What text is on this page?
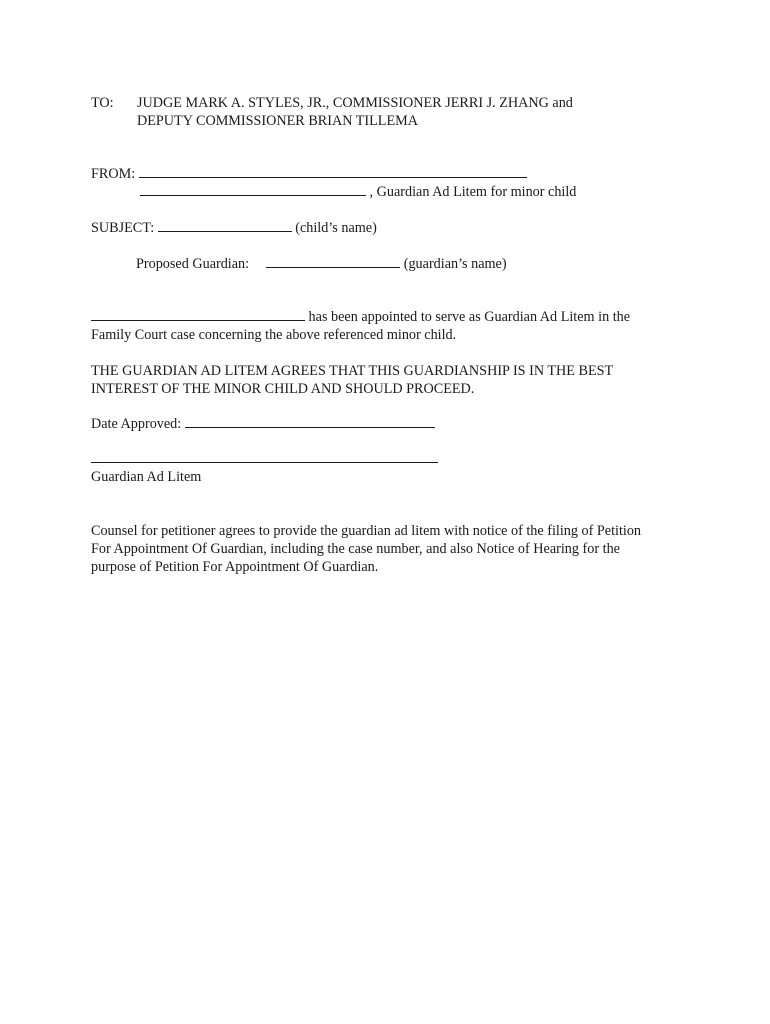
TO: JUDGE MARK A. STYLES, JR., COMMISSIONER JERRI J. ZHANG and
DEPUTY COMMISSIONER BRIAN TILLEMA
FROM:
, Guardian Ad Litem for minor child
SUBJECT:	(child’s name)
Proposed Guardian:	(guardian’s name)
has been appointed to serve as Guardian Ad Litem in the
Family Court case concerning the above referenced minor child.
THE GUARDIAN AD LITEM AGREES THAT THIS GUARDIANSHIP IS IN THE BEST
INTEREST OF THE MINOR CHILD AND SHOULD PROCEED.
Date Approved:
Guardian Ad Litem
Counsel for petitioner agrees to provide the guardian ad litem with notice of the filing of Petition
For Appointment Of Guardian, including the case number, and also Notice of Hearing for the
purpose of Petition For Appointment Of Guardian.
